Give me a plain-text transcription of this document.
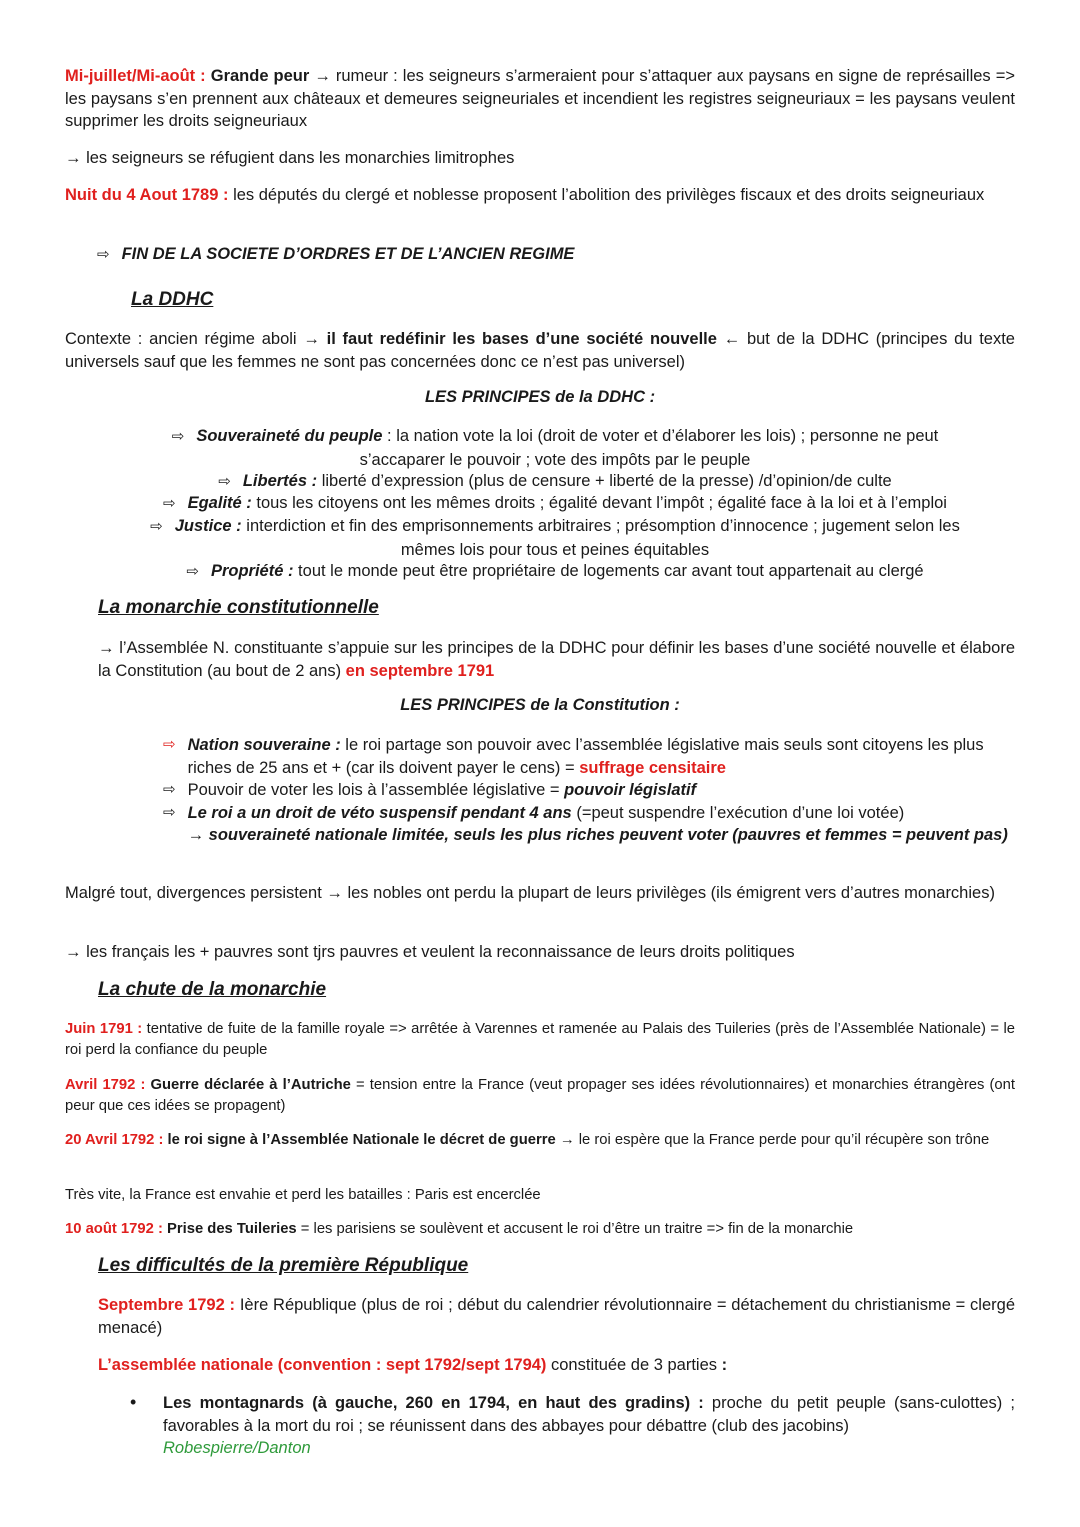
Mi-juillet/Mi-août : Grande peur → rumeur : les seigneurs s’armeraient pour s’attaquer aux paysans en signe de représailles => les paysans s’en prennent aux châteaux et demeures seigneuriales et incendient les registres seigneuriaux = les paysans veulent supprimer les droits seigneuriaux
→ les seigneurs se réfugient dans les monarchies limitrophes
Nuit du 4 Aout 1789 : les députés du clergé et noblesse proposent l’abolition des privilèges fiscaux et des droits seigneuriaux
⇨ FIN DE LA SOCIETE D’ORDRES ET DE L’ANCIEN REGIME
La DDHC
Contexte : ancien régime aboli → il faut redéfinir les bases d’une société nouvelle ← but de la DDHC (principes du texte universels sauf que les femmes ne sont pas concernées donc ce n’est pas universel)
LES PRINCIPES de la DDHC :
⇨ Souveraineté du peuple : la nation vote la loi (droit de voter et d’élaborer les lois) ; personne ne peut
s’accaparer le pouvoir ; vote des impôts par le peuple
⇨ Libertés : liberté d’expression (plus de censure + liberté de la presse) /d’opinion/de culte
⇨ Egalité : tous les citoyens ont les mêmes droits ; égalité devant l’impôt ; égalité face à la loi et à l’emploi
⇨ Justice : interdiction et fin des emprisonnements arbitraires ; présomption d’innocence ; jugement selon les
mêmes lois pour tous et peines équitables
⇨ Propriété : tout le monde peut être propriétaire de logements car avant tout appartenait au clergé
La monarchie constitutionnelle
→ l’Assemblée N. constituante s’appuie sur les principes de la DDHC pour définir les bases d’une société nouvelle et élabore la Constitution (au bout de 2 ans) en septembre 1791
LES PRINCIPES de la Constitution :
⇨ Nation souveraine : le roi partage son pouvoir avec l’assemblée législative mais seuls sont citoyens les plus riches de 25 ans et + (car ils doivent payer le cens) = suffrage censitaire
⇨ Pouvoir de voter les lois à l’assemblée législative = pouvoir législatif
⇨ Le roi a un droit de véto suspensif pendant 4 ans (=peut suspendre l’exécution d’une loi votée)
→ souveraineté nationale limitée, seuls les plus riches peuvent voter (pauvres et femmes = peuvent pas)
Malgré tout, divergences persistent → les nobles ont perdu la plupart de leurs privilèges (ils émigrent vers d’autres monarchies)
→ les français les + pauvres sont tjrs pauvres et veulent la reconnaissance de leurs droits politiques
La chute de la monarchie
Juin 1791 : tentative de fuite de la famille royale => arrêtée à Varennes et ramenée au Palais des Tuileries (près de l’Assemblée Nationale) = le roi perd la confiance du peuple
Avril 1792 : Guerre déclarée à l’Autriche = tension entre la France (veut propager ses idées révolutionnaires) et monarchies étrangères (ont peur que ces idées se propagent)
20 Avril 1792 : le roi signe à l’Assemblée Nationale le décret de guerre → le roi espère que la France perde pour qu’il récupère son trône
Très vite, la France est envahie et perd les batailles : Paris est encerclée
10 août 1792 : Prise des Tuileries = les parisiens se soulèvent et accusent le roi d’être un traitre => fin de la monarchie
Les difficultés de la première République
Septembre 1792 : Ière République (plus de roi ; début du calendrier révolutionnaire = détachement du christianisme = clergé menacé)
L’assemblée nationale (convention : sept 1792/sept 1794) constituée de 3 parties :
• Les montagnards (à gauche, 260 en 1794, en haut des gradins) : proche du petit peuple (sans-culottes) ; favorables à la mort du roi ; se réunissent dans des abbayes pour débattre (club des jacobins)
Robespierre/Danton
